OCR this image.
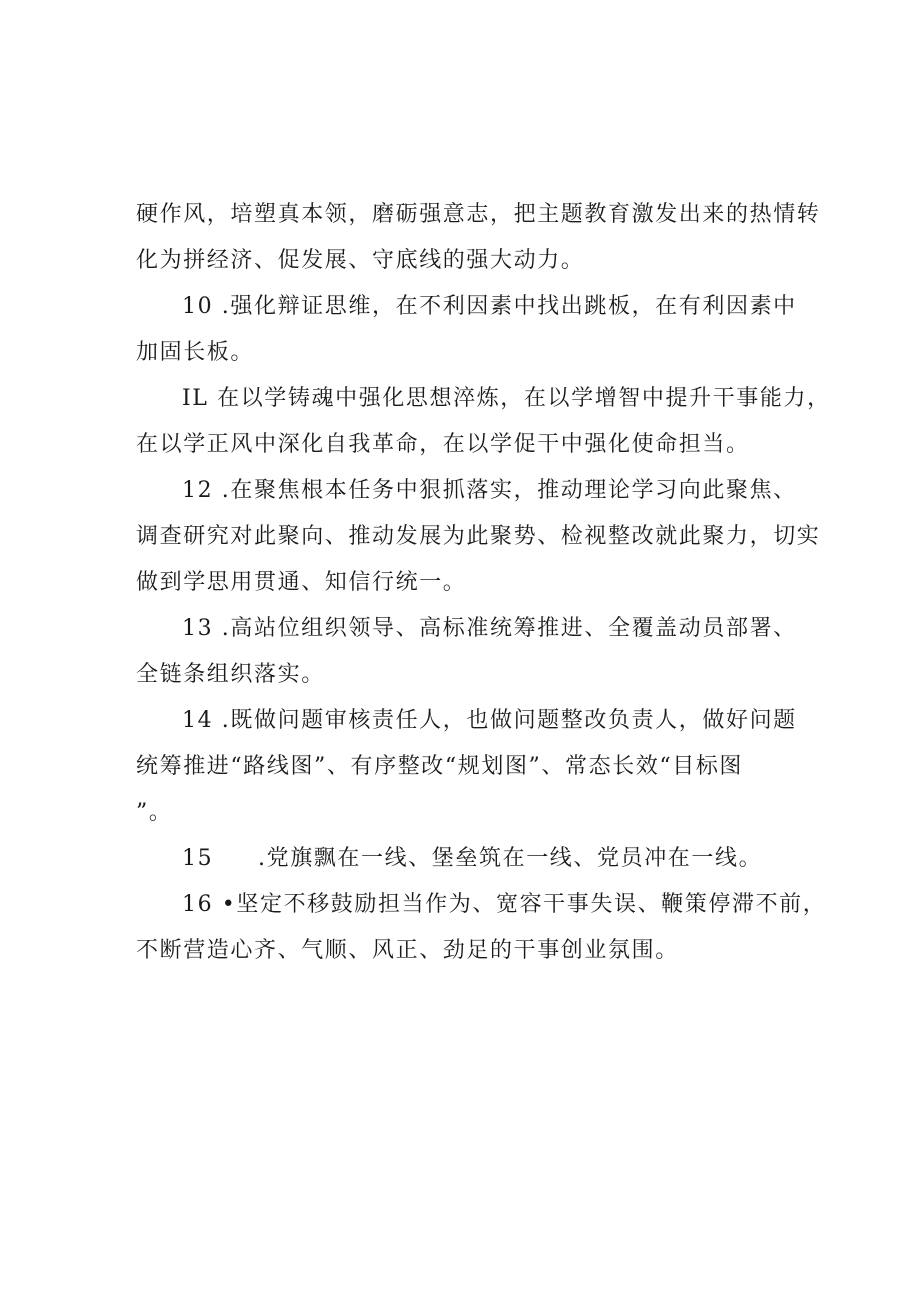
硬作风，培塑真本领，磨砺强意志，把主题教育激发出来的热情转
化为拼经济、促发展、守底线的强大动力。

10 .强化辩证思维，在不利因素中找出跳板，在有利因素中
加固长板。

IL 在以学铸魂中强化思想淬炼，在以学增智中提升干事能力，
在以学正风中深化自我革命，在以学促干中强化使命担当。

12 .在聚焦根本任务中狠抓落实，推动理论学习向此聚焦、
调查研究对此聚向、推动发展为此聚势、检视整改就此聚力，切实
做到学思用贯通、知信行统一。

13 .高站位组织领导、高标准统筹推进、全覆盖动员部署、
全链条组织落实。

14 .既做问题审核责任人，也做问题整改负责人，做好问题
统筹推进“路线图”、有序整改“规划图”、常态长效“目标图
”。

15 .党旗飘在一线、堡垒筑在一线、党员冲在一线。

16 •坚定不移鼓励担当作为、宽容干事失误、鞭策停滞不前，
不断营造心齐、气顺、风正、劲足的干事创业氛围。
